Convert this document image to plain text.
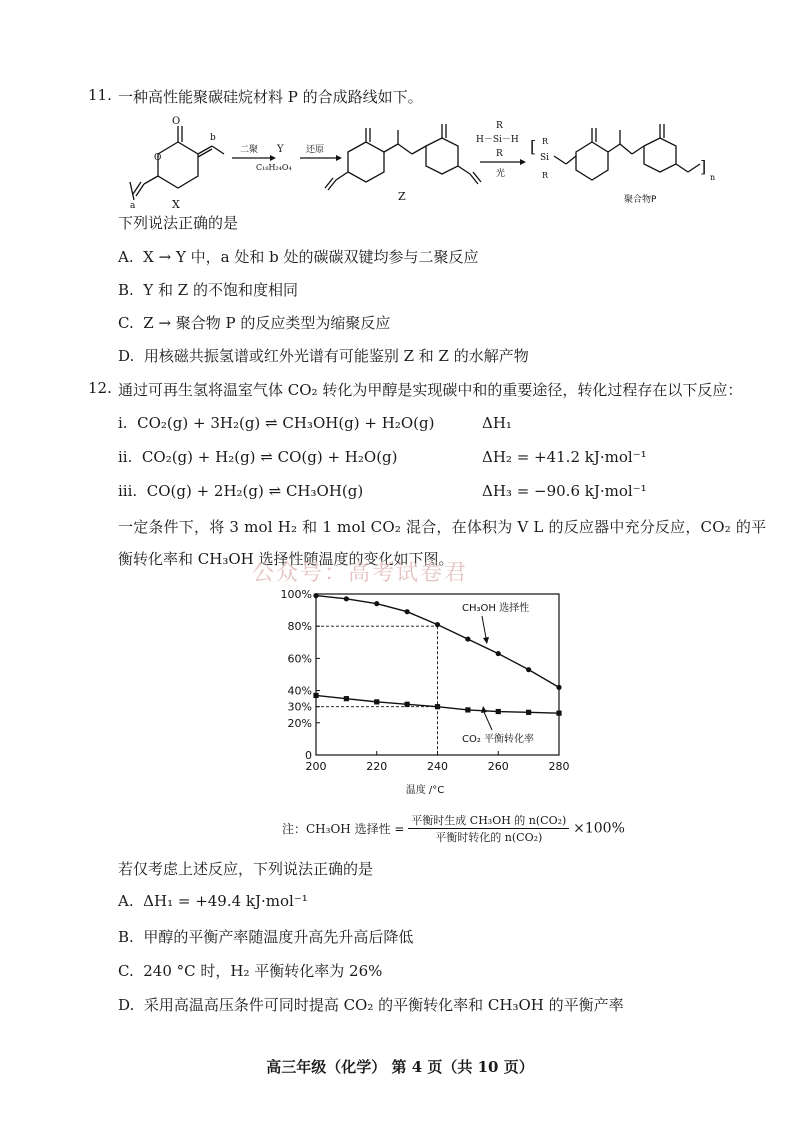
11. 一种高性能聚碳硅烷材料 P 的合成路线如下。
O
O
b
a	X
二聚 Y
C₁₈H₂₄O₄
还原
Z
R
H－Si－H
R
光
[
Si
R
R	]
n
聚合物P
下列说法正确的是
A. X → Y 中，a 处和 b 处的碳碳双键均参与二聚反应
B. Y 和 Z 的不饱和度相同
C. Z → 聚合物 P 的反应类型为缩聚反应
D. 用核磁共振氢谱或红外光谱有可能鉴别 Z 和 Z 的水解产物
12. 通过可再生氢将温室气体 CO₂ 转化为甲醇是实现碳中和的重要途径，转化过程存在以下反应：
i. CO₂(g) + 3H₂(g) ⇌ CH₃OH(g) + H₂O(g)	ΔH₁
ii. CO₂(g) + H₂(g) ⇌ CO(g) + H₂O(g)	ΔH₂ = +41.2 kJ·mol⁻¹
iii. CO(g) + 2H₂(g) ⇌ CH₃OH(g)	ΔH₃ = −90.6 kJ·mol⁻¹
一定条件下，将 3 mol H₂ 和 1 mol CO₂ 混合，在体积为 V L 的反应器中充分反应，CO₂ 的平
衡转化率和 CH₃OH 选择性随温度的变化如下图。
公众号：高考试卷君
200	220	240	260	280
0
20%
30%
40%
60%
80%
100%
CH₃OH 选择性
CO₂ 平衡转化率
温度 /°C
注：CH₃OH 选择性 = $\frac{\text{平衡时生成 CH₃OH 的 n(CO₂)}}{\text{平衡时转化的 n(CO₂)}} \times 100\%$
若仅考虑上述反应，下列说法正确的是
A. ΔH₁ = +49.4 kJ·mol⁻¹
B. 甲醇的平衡产率随温度升高先升高后降低
C. 240 °C 时，H₂ 平衡转化率为 26%
D. 采用高温高压条件可同时提高 CO₂ 的平衡转化率和 CH₃OH 的平衡产率
高三年级（化学） 第 4 页（共 10 页）
